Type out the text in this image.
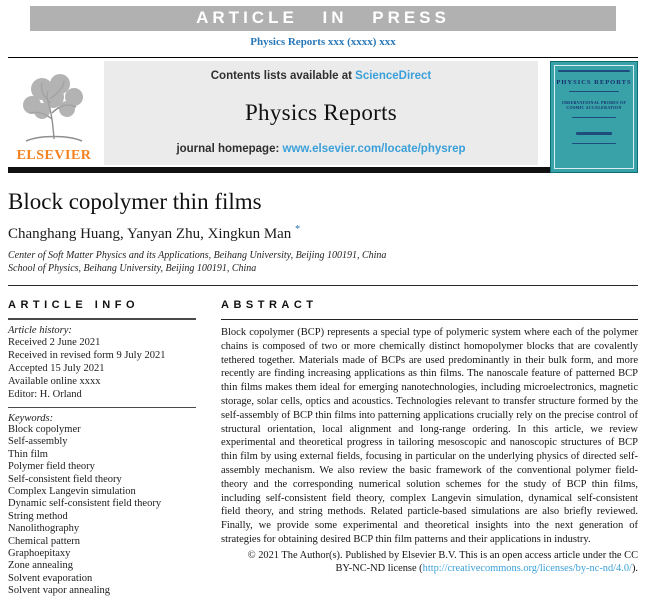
ARTICLE IN PRESS
Physics Reports xxx (xxxx) xxx
ELSEVIER
Contents lists available at ScienceDirect
Physics Reports
journal homepage: www.elsevier.com/locate/physrep
PHYSICS REPORTS
OBSERVATIONAL PROBES OF COSMIC ACCELERATION
Block copolymer thin films
Changhang Huang, Yanyan Zhu, Xingkun Man *
Center of Soft Matter Physics and its Applications, Beihang University, Beijing 100191, China
School of Physics, Beihang University, Beijing 100191, China
ARTICLE INFO
Article history:
Received 2 June 2021
Received in revised form 9 July 2021
Accepted 15 July 2021
Available online xxxx
Editor: H. Orland
Keywords:
Block copolymer
Self-assembly
Thin film
Polymer field theory
Self-consistent field theory
Complex Langevin simulation
Dynamic self-consistent field theory
String method
Nanolithography
Chemical pattern
Graphoepitaxy
Zone annealing
Solvent evaporation
Solvent vapor annealing
ABSTRACT
Block copolymer (BCP) represents a special type of polymeric system where each of the polymer chains is composed of two or more chemically distinct homopolymer blocks that are covalently tethered together. Materials made of BCPs are used predominantly in their bulk form, and more recently are finding increasing applications as thin films. The nanoscale feature of patterned BCP thin films makes them ideal for emerging nanotechnologies, including microelectronics, magnetic storage, solar cells, optics and acoustics. Technologies relevant to transfer structure formed by the self-assembly of BCP thin films into patterning applications crucially rely on the precise control of structural orientation, local alignment and long-range ordering. In this article, we review experimental and theoretical progress in tailoring mesoscopic and nanoscopic structures of BCP thin film by using external fields, focusing in particular on the underlying physics of directed self-assembly mechanism. We also review the basic framework of the conventional polymer field-theory and the corresponding numerical solution schemes for the study of BCP thin films, including self-consistent field theory, complex Langevin simulation, dynamical self-consistent field theory, and string methods. Related particle-based simulations are also briefly reviewed. Finally, we provide some experimental and theoretical insights into the next generation of strategies for obtaining desired BCP thin film patterns and their applications in industry.
© 2021 The Author(s). Published by Elsevier B.V. This is an open access article under the CC
BY-NC-ND license (http://creativecommons.org/licenses/by-nc-nd/4.0/).
